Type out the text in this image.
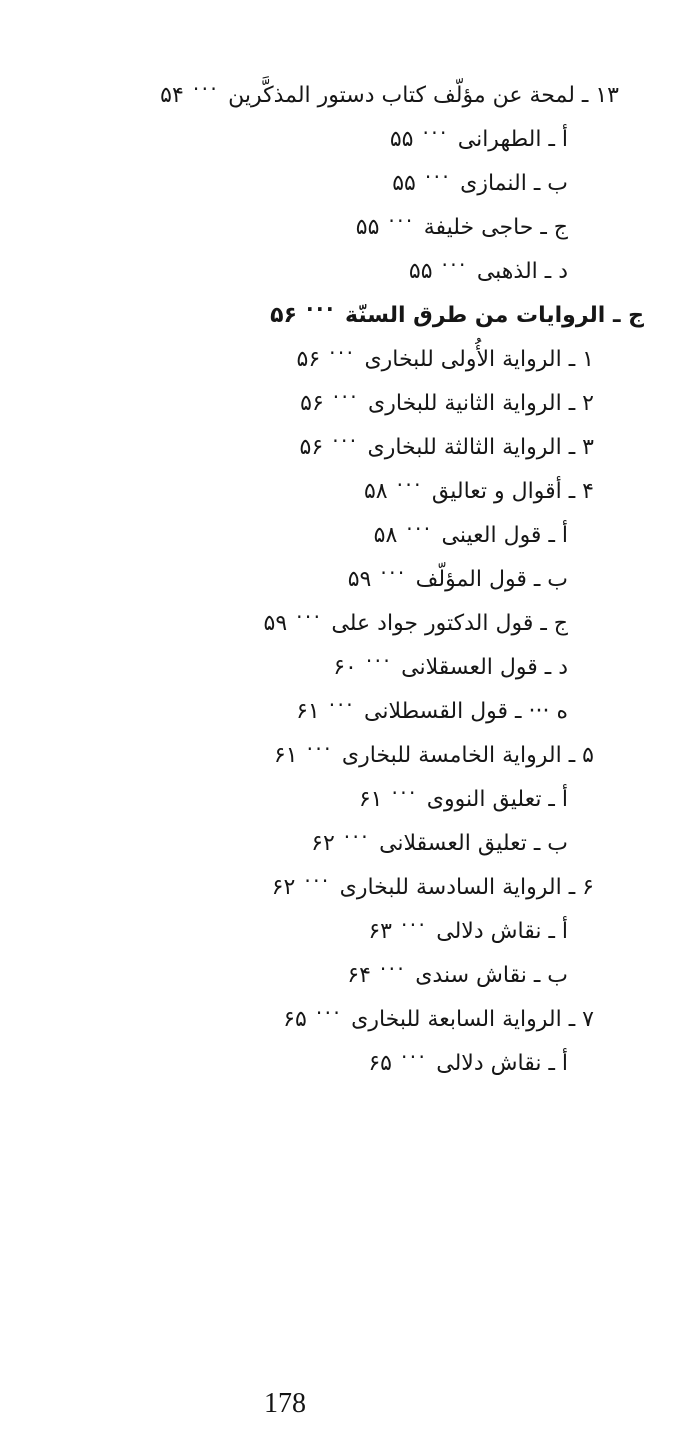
۱۳ ـ لمحة عن مؤلّف كتاب دستور المذكَّرين···۵۴
أ ـ الطهرانى···۵۵
ب ـ النمازى···۵۵
ج ـ حاجى خليفة···۵۵
د ـ الذهبى···۵۵
ج ـ الروايات من طرق السنّة···۵۶
۱ ـ الرواية الأُولى للبخارى···۵۶
۲ ـ الرواية الثانية للبخارى···۵۶
۳ ـ الرواية الثالثة للبخارى···۵۶
۴ ـ أقوال و تعاليق···۵۸
أ ـ قول العينى···۵۸
ب ـ قول المؤلّف···۵۹
ج ـ قول الدكتور جواد على···۵۹
د ـ قول العسقلانى···۶۰
ه ··· ـ قول القسطلانى···۶۱
۵ ـ الرواية الخامسة للبخارى···۶۱
أ ـ تعليق النووى···۶۱
ب ـ تعليق العسقلانى···۶۲
۶ ـ الرواية السادسة للبخارى···۶۲
أ ـ نقاش دلالى···۶۳
ب ـ نقاش سندى···۶۴
۷ ـ الرواية السابعة للبخارى···۶۵
أ ـ نقاش دلالى···۶۵
178
